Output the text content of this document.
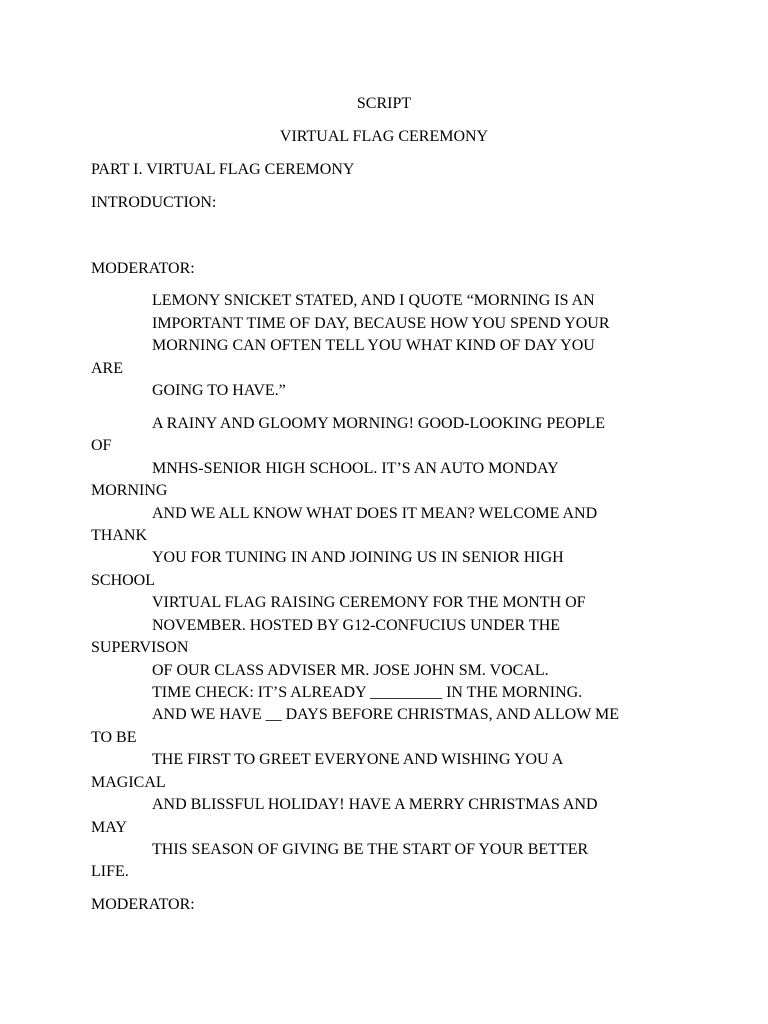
SCRIPT
VIRTUAL FLAG CEREMONY
PART I. VIRTUAL FLAG CEREMONY
INTRODUCTION:
MODERATOR:
LEMONY SNICKET STATED, AND I QUOTE “MORNING IS AN
IMPORTANT TIME OF DAY, BECAUSE HOW YOU SPEND YOUR
MORNING CAN OFTEN TELL YOU WHAT KIND OF DAY YOU
ARE
GOING TO HAVE.”
A RAINY AND GLOOMY MORNING! GOOD-LOOKING PEOPLE
OF
MNHS-SENIOR HIGH SCHOOL. IT’S AN AUTO MONDAY
MORNING
AND WE ALL KNOW WHAT DOES IT MEAN? WELCOME AND
THANK
YOU FOR TUNING IN AND JOINING US IN SENIOR HIGH
SCHOOL
VIRTUAL FLAG RAISING CEREMONY FOR THE MONTH OF
NOVEMBER. HOSTED BY G12-CONFUCIUS UNDER THE
SUPERVISON
OF OUR CLASS ADVISER MR. JOSE JOHN SM. VOCAL.
TIME CHECK: IT’S ALREADY _________ IN THE MORNING.
AND WE HAVE __ DAYS BEFORE CHRISTMAS, AND ALLOW ME
TO BE
THE FIRST TO GREET EVERYONE AND WISHING YOU A
MAGICAL
AND BLISSFUL HOLIDAY! HAVE A MERRY CHRISTMAS AND
MAY
THIS SEASON OF GIVING BE THE START OF YOUR BETTER
LIFE.
MODERATOR:
